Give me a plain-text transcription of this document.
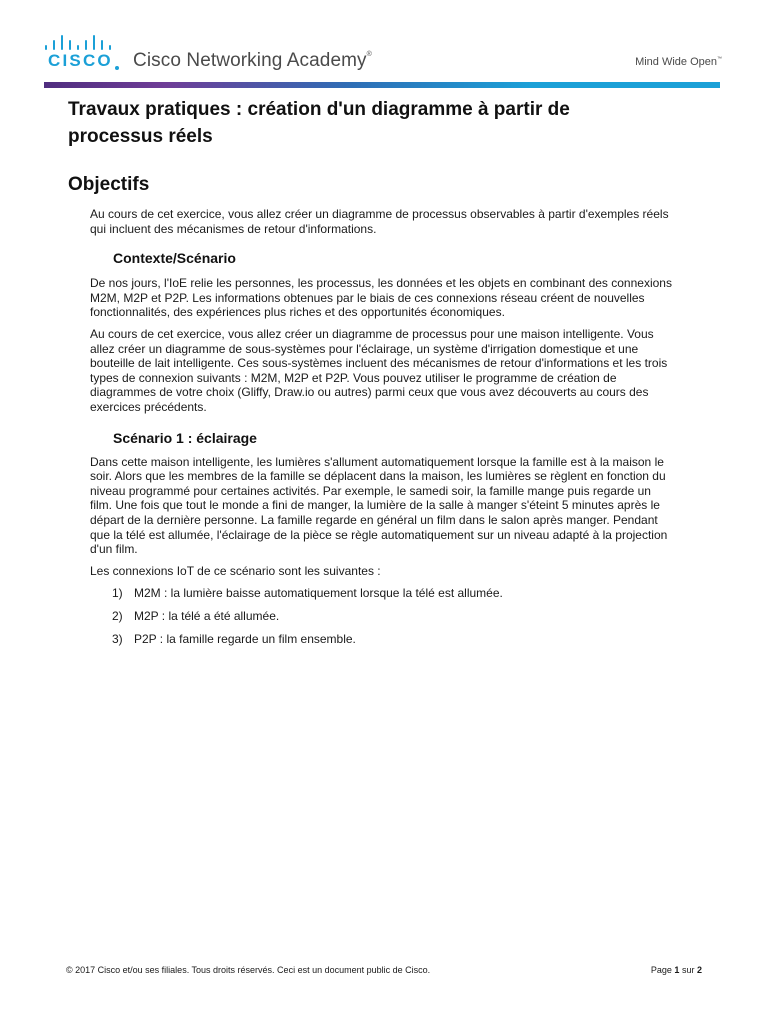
CISCO Cisco Networking Academy®
Mind Wide Open™
Travaux pratiques : création d'un diagramme à partir de
processus réels
Objectifs

Au cours de cet exercice, vous allez créer un diagramme de processus observables à partir d'exemples réels
qui incluent des mécanismes de retour d'informations.

Contexte/Scénario

De nos jours, l'IoE relie les personnes, les processus, les données et les objets en combinant des connexions
M2M, M2P et P2P. Les informations obtenues par le biais de ces connexions réseau créent de nouvelles
fonctionnalités, des expériences plus riches et des opportunités économiques.

Au cours de cet exercice, vous allez créer un diagramme de processus pour une maison intelligente. Vous
allez créer un diagramme de sous-systèmes pour l'éclairage, un système d'irrigation domestique et une
bouteille de lait intelligente. Ces sous-systèmes incluent des mécanismes de retour d'informations et les trois
types de connexion suivants : M2M, M2P et P2P. Vous pouvez utiliser le programme de création de
diagrammes de votre choix (Gliffy, Draw.io ou autres) parmi ceux que vous avez découverts au cours des
exercices précédents.

Scénario 1 : éclairage

Dans cette maison intelligente, les lumières s'allument automatiquement lorsque la famille est à la maison le
soir. Alors que les membres de la famille se déplacent dans la maison, les lumières se règlent en fonction du
niveau programmé pour certaines activités. Par exemple, le samedi soir, la famille mange puis regarde un
film. Une fois que tout le monde a fini de manger, la lumière de la salle à manger s'éteint 5 minutes après le
départ de la dernière personne. La famille regarde en général un film dans le salon après manger. Pendant
que la télé est allumée, l'éclairage de la pièce se règle automatiquement sur un niveau adapté à la projection
d'un film.

Les connexions IoT de ce scénario sont les suivantes :

1) M2M : la lumière baisse automatiquement lorsque la télé est allumée.
2) M2P : la télé a été allumée.
3) P2P : la famille regarde un film ensemble.
© 2017 Cisco et/ou ses filiales. Tous droits réservés. Ceci est un document public de Cisco.	Page 1 sur 2
